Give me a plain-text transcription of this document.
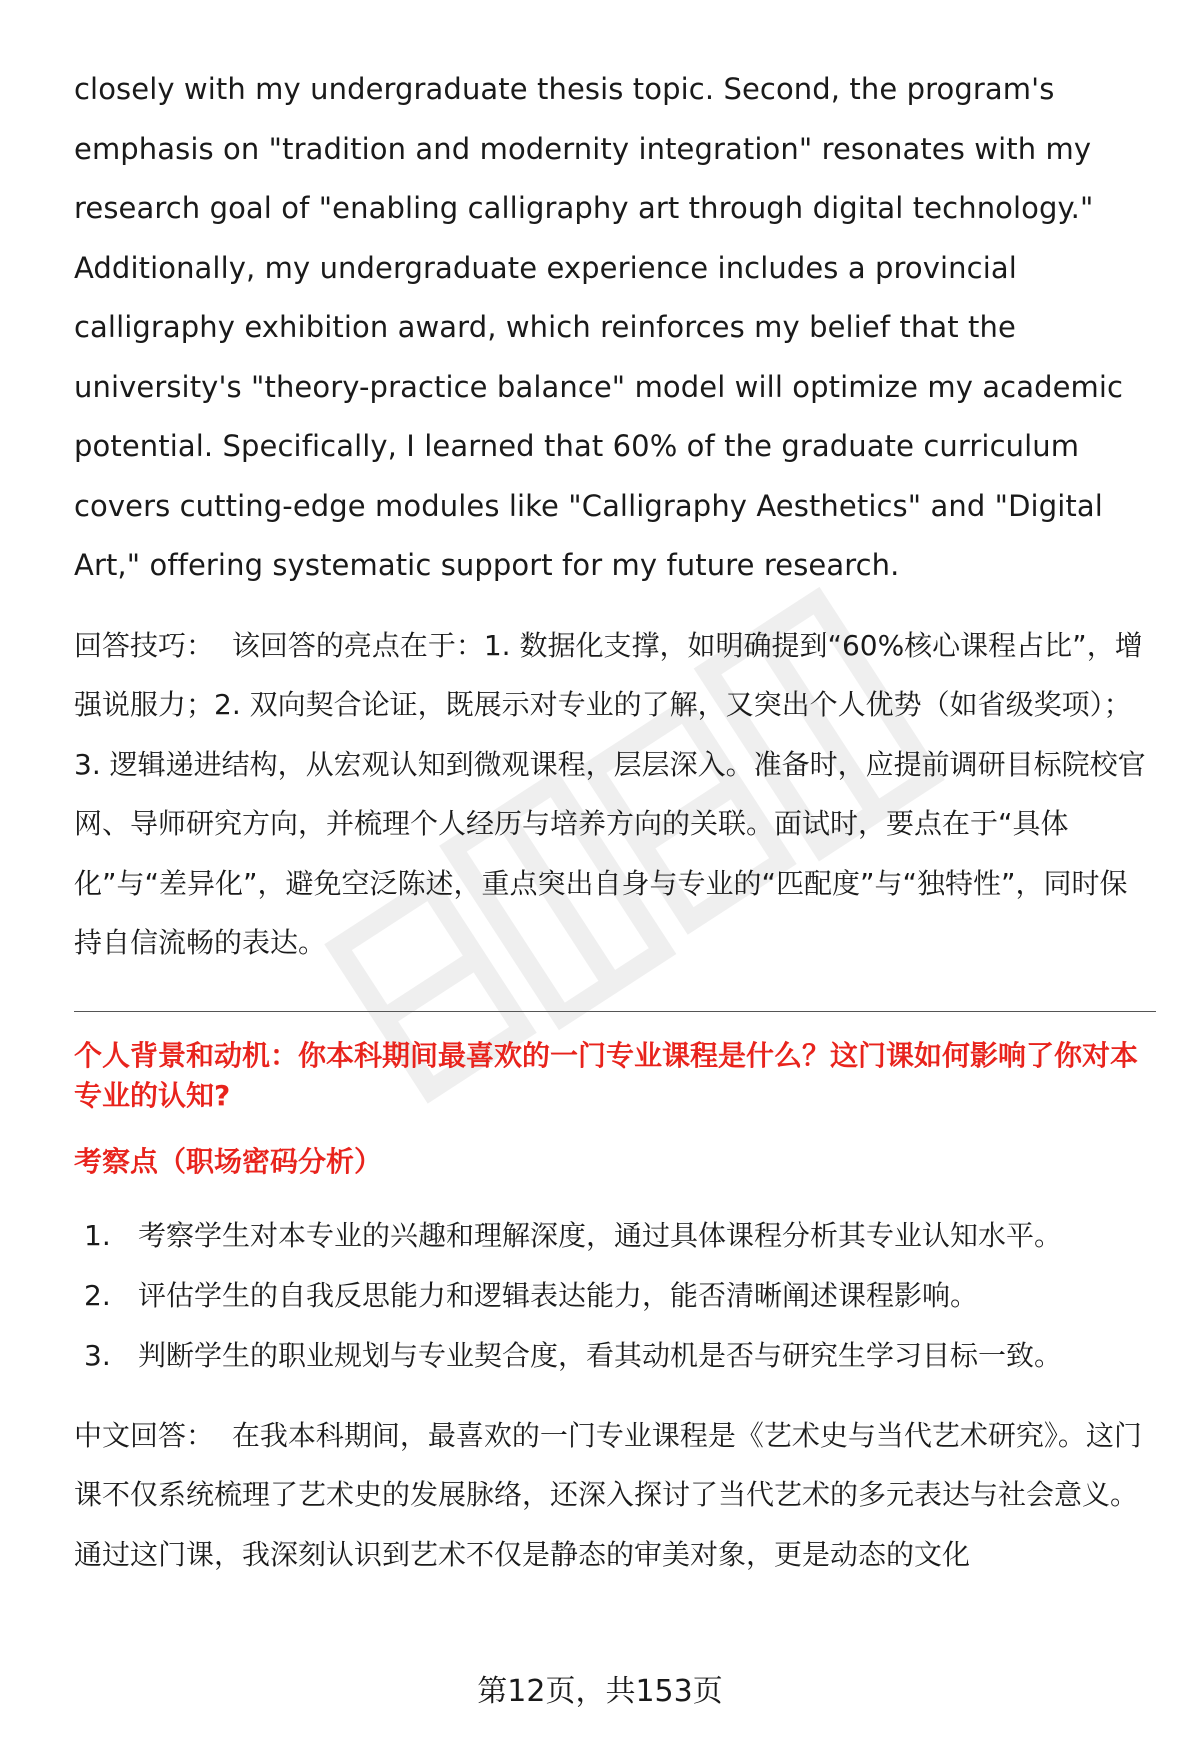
closely with my undergraduate thesis topic. Second, the program's emphasis on "tradition and modernity integration" resonates with my research goal of "enabling calligraphy art through digital technology." Additionally, my undergraduate experience includes a provincial calligraphy exhibition award, which reinforces my belief that the university's "theory-practice balance" model will optimize my academic potential. Specifically, I learned that 60% of the graduate curriculum covers cutting-edge modules like "Calligraphy Aesthetics" and "Digital Art," offering systematic support for my future research.

回答技巧： 该回答的亮点在于：1. 数据化支撑，如明确提到“60%核心课程占比”，增强说服力；2. 双向契合论证，既展示对专业的了解，又突出个人优势（如省级奖项）；3. 逻辑递进结构，从宏观认知到微观课程，层层深入。准备时，应提前调研目标院校官网、导师研究方向，并梳理个人经历与培养方向的关联。面试时，要点在于“具体化”与“差异化”，避免空泛陈述，重点突出自身与专业的“匹配度”与“独特性”，同时保持自信流畅的表达。

个人背景和动机：你本科期间最喜欢的一门专业课程是什么？这门课如何影响了你对本专业的认知?
考察点（职场密码分析）
1. 考察学生对本专业的兴趣和理解深度，通过具体课程分析其专业认知水平。
2. 评估学生的自我反思能力和逻辑表达能力，能否清晰阐述课程影响。
3. 判断学生的职业规划与专业契合度，看其动机是否与研究生学习目标一致。

中文回答： 在我本科期间，最喜欢的一门专业课程是《艺术史与当代艺术研究》。这门课不仅系统梳理了艺术史的发展脉络，还深入探讨了当代艺术的多元表达与社会意义。通过这门课，我深刻认识到艺术不仅是静态的审美对象，更是动态的文化

第12页，共153页
